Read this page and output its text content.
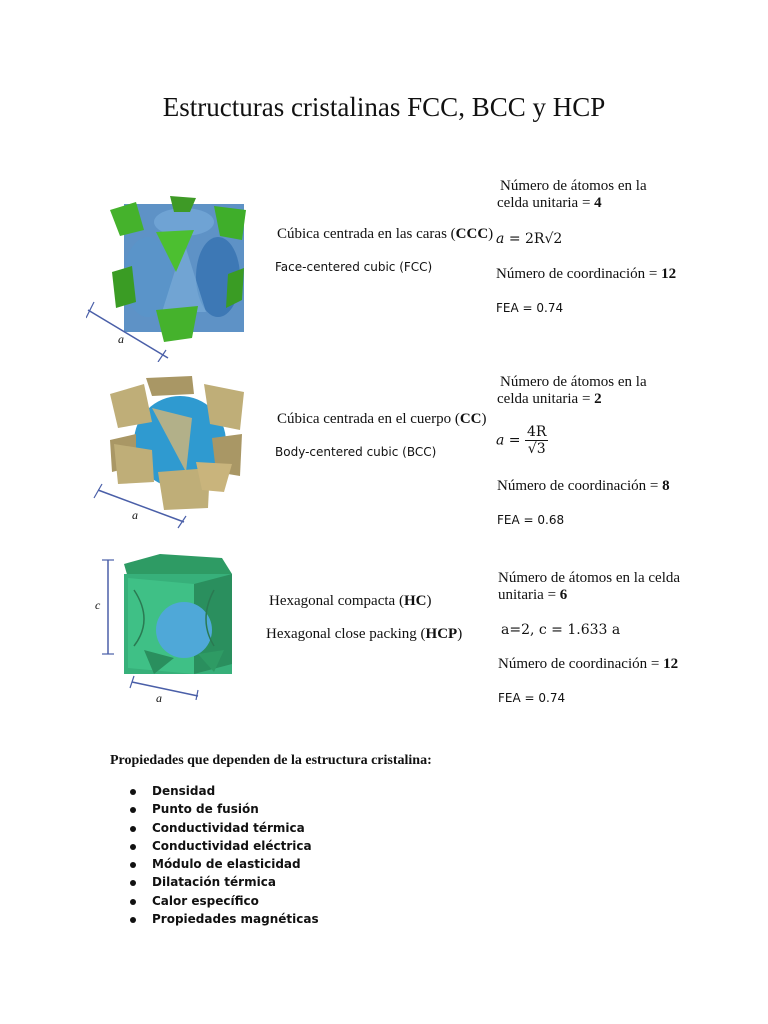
Estructuras cristalinas FCC, BCC y HCP
a
Cúbica centrada en las caras (CCC)
Face-centered cubic (FCC)
Número de átomos en la
celda unitaria = 4
a = 2R√2
Número de coordinación = 12
FEA = 0.74
a
Cúbica centrada en el cuerpo (CC)
Body-centered cubic (BCC)
Número de átomos en la
celda unitaria = 2
$a = \frac{4R}{√3}$
Número de coordinación = 8
FEA = 0.68
c
a
Hexagonal compacta (HC)
Hexagonal close packing (HCP)
Número de átomos en la celda
unitaria = 6
a=2, c = 1.633 a
Número de coordinación = 12
FEA = 0.74
Propiedades que dependen de la estructura cristalina:
Densidad
Punto de fusión
Conductividad térmica
Conductividad eléctrica
Módulo de elasticidad
Dilatación térmica
Calor específico
Propiedades magnéticas
